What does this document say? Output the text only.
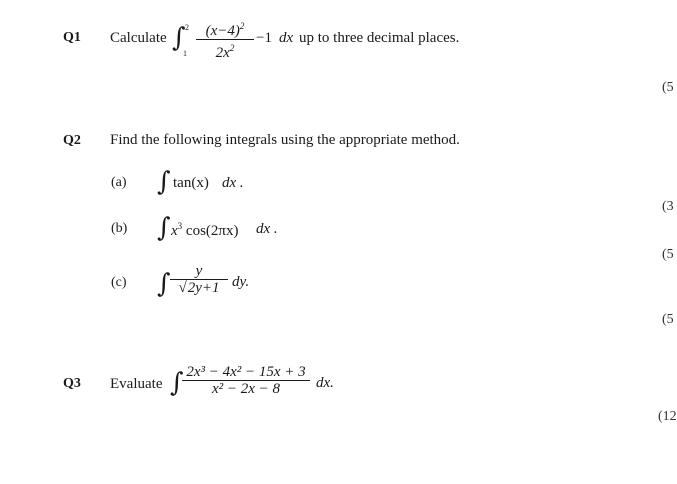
Q1 Calculate ∫ 2
1
$(x-4)^2$
$2x^2$
−1 dx up to three decimal places.
(5
Q2 Find the following integrals using the appropriate method.
(a) ∫ tan(x) dx .
(3
(b) ∫ $x^3$ cos(2πx) dx .
(5
(c) ∫	y
√2y+1 dy.
(5
Q3 Evaluate ∫ 2x³ − 4x² − 15x + 3
x² − 2x − 8	dx.
(12
